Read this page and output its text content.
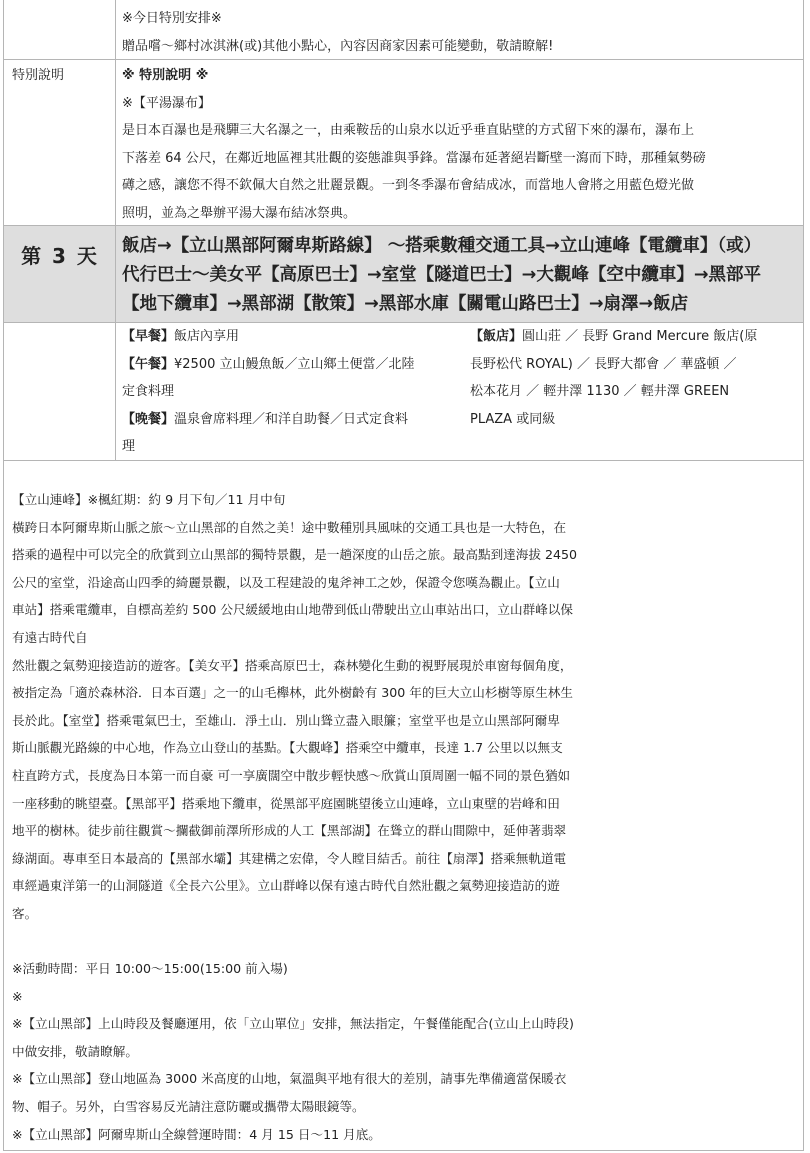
※今日特別安排※

贈品嚐～鄉村冰淇淋(或)其他小點心，內容因商家因素可能變動，敬請瞭解!

特別說明	※ 特別說明 ※

※【平湯瀑布】

是日本百瀑也是飛驒三大名瀑之一，由乘鞍岳的山泉水以近乎垂直貼壁的方式留下來的瀑布，瀑布上

下落差 64 公尺，在鄰近地區裡其壯觀的姿態誰與爭鋒。當瀑布延著絕岩斷壁一瀉而下時，那種氣勢磅

礡之感，讓您不得不欽佩大自然之壯麗景觀。一到冬季瀑布會結成冰，而當地人會將之用藍色燈光做

照明，並為之舉辦平湯大瀑布結冰祭典。

第 3 天	飯店→【立山黑部阿爾卑斯路線】 ～搭乘數種交通工具→立山連峰【電纜車】（或）
代行巴士～美女平【高原巴士】→室堂【隧道巴士】→大觀峰【空中纜車】→黑部平
【地下纜車】→黑部湖【散策】→黑部水庫【關電山路巴士】→扇澤→飯店

【早餐】飯店內享用

【午餐】¥2500 立山鰻魚飯／立山鄉土便當／北陸

定食料理

【晚餐】溫泉會席料理／和洋自助餐／日式定食料

理

【飯店】圓山莊 ／ 長野 Grand Mercure 飯店(原

長野松代 ROYAL) ／ 長野大都會 ／ 華盛頓 ／

松本花月 ／ 輕井澤 1130 ／ 輕井澤 GREEN

PLAZA 或同級

【立山連峰】※楓紅期：約 9 月下旬／11 月中旬

橫跨日本阿爾卑斯山脈之旅～立山黑部的自然之美！途中數種別具風味的交通工具也是一大特色，在

搭乘的過程中可以完全的欣賞到立山黑部的獨特景觀，是一趟深度的山岳之旅。最高點到達海拔 2450

公尺的室堂，沿途高山四季的綺麗景觀，以及工程建設的鬼斧神工之妙，保證令您嘆為觀止。【立山

車站】搭乘電纜車，自標高差約 500 公尺緩緩地由山地帶到低山帶駛出立山車站出口，立山群峰以保

有遠古時代自

然壯觀之氣勢迎接造訪的遊客。【美女平】搭乘高原巴士，森林變化生動的視野展現於車窗每個角度，

被指定為「適於森林浴．日本百選」之一的山毛櫸林，此外樹齡有 300 年的巨大立山杉樹等原生林生

長於此。【室堂】搭乘電氣巴士，至雄山．淨土山．別山聳立盡入眼簾；室堂平也是立山黑部阿爾卑

斯山脈觀光路線的中心地，作為立山登山的基點。【大觀峰】搭乘空中纜車，長達 1.7 公里以以無支

柱直跨方式，長度為日本第一而自豪 可一享廣闊空中散步輕快感～欣賞山頂周圍一幅不同的景色猶如

一座移動的眺望臺。【黑部平】搭乘地下纜車，從黑部平庭園眺望後立山連峰，立山東壁的岩峰和田

地平的樹林。徒步前往觀賞～攔截御前澤所形成的人工【黑部湖】在聳立的群山間隙中，延伸著翡翠

綠湖面。專車至日本最高的【黑部水壩】其建構之宏偉，令人瞠目結舌。前往【扇澤】搭乘無軌道電

車經過東洋第一的山洞隧道《全長六公里》。立山群峰以保有遠古時代自然壯觀之氣勢迎接造訪的遊

客。

※活動時間：平日 10:00～15:00(15:00 前入場)

※

※【立山黑部】上山時段及餐廳運用，依「立山單位」安排，無法指定，午餐僅能配合(立山上山時段)

中做安排，敬請瞭解。

※【立山黑部】登山地區為 3000 米高度的山地，氣溫與平地有很大的差別，請事先準備適當保暖衣

物、帽子。另外，白雪容易反光請注意防曬或攜帶太陽眼鏡等。

※【立山黑部】阿爾卑斯山全線營運時間：4 月 15 日～11 月底。
